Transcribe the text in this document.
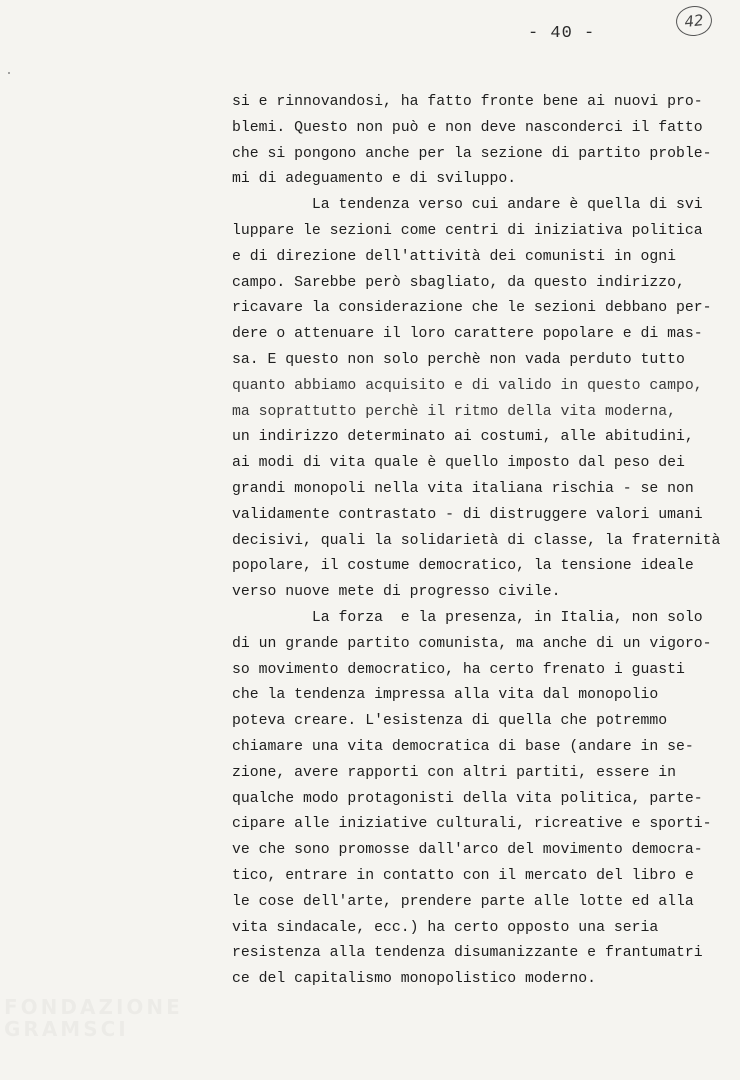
- 40 -
42
si e rinnovandosi, ha fatto fronte bene ai nuovi pro-
blemi. Questo non può e non deve nasconderci il fatto
che si pongono anche per la sezione di partito proble-
mi di adeguamento e di sviluppo.
La tendenza verso cui andare è quella di svi
luppare le sezioni come centri di iniziativa politica
e di direzione dell'attività dei comunisti in ogni
campo. Sarebbe però sbagliato, da questo indirizzo,
ricavare la considerazione che le sezioni debbano per-
dere o attenuare il loro carattere popolare e di mas-
sa. E questo non solo perchè non vada perduto tutto
quanto abbiamo acquisito e di valido in questo campo,
ma soprattutto perchè il ritmo della vita moderna,
un indirizzo determinato ai costumi, alle abitudini,
ai modi di vita quale è quello imposto dal peso dei
grandi monopoli nella vita italiana rischia - se non
validamente contrastato - di distruggere valori umani
decisivi, quali la solidarietà di classe, la fraternità
popolare, il costume democratico, la tensione ideale
verso nuove mete di progresso civile.
La forza  e la presenza, in Italia, non solo
di un grande partito comunista, ma anche di un vigoro-
so movimento democratico, ha certo frenato i guasti
che la tendenza impressa alla vita dal monopolio
poteva creare. L'esistenza di quella che potremmo
chiamare una vita democratica di base (andare in se-
zione, avere rapporti con altri partiti, essere in
qualche modo protagonisti della vita politica, parte-
cipare alle iniziative culturali, ricreative e sporti-
ve che sono promosse dall'arco del movimento democra-
tico, entrare in contatto con il mercato del libro e
le cose dell'arte, prendere parte alle lotte ed alla
vita sindacale, ecc.) ha certo opposto una seria
resistenza alla tendenza disumanizzante e frantumatri
ce del capitalismo monopolistico moderno.
